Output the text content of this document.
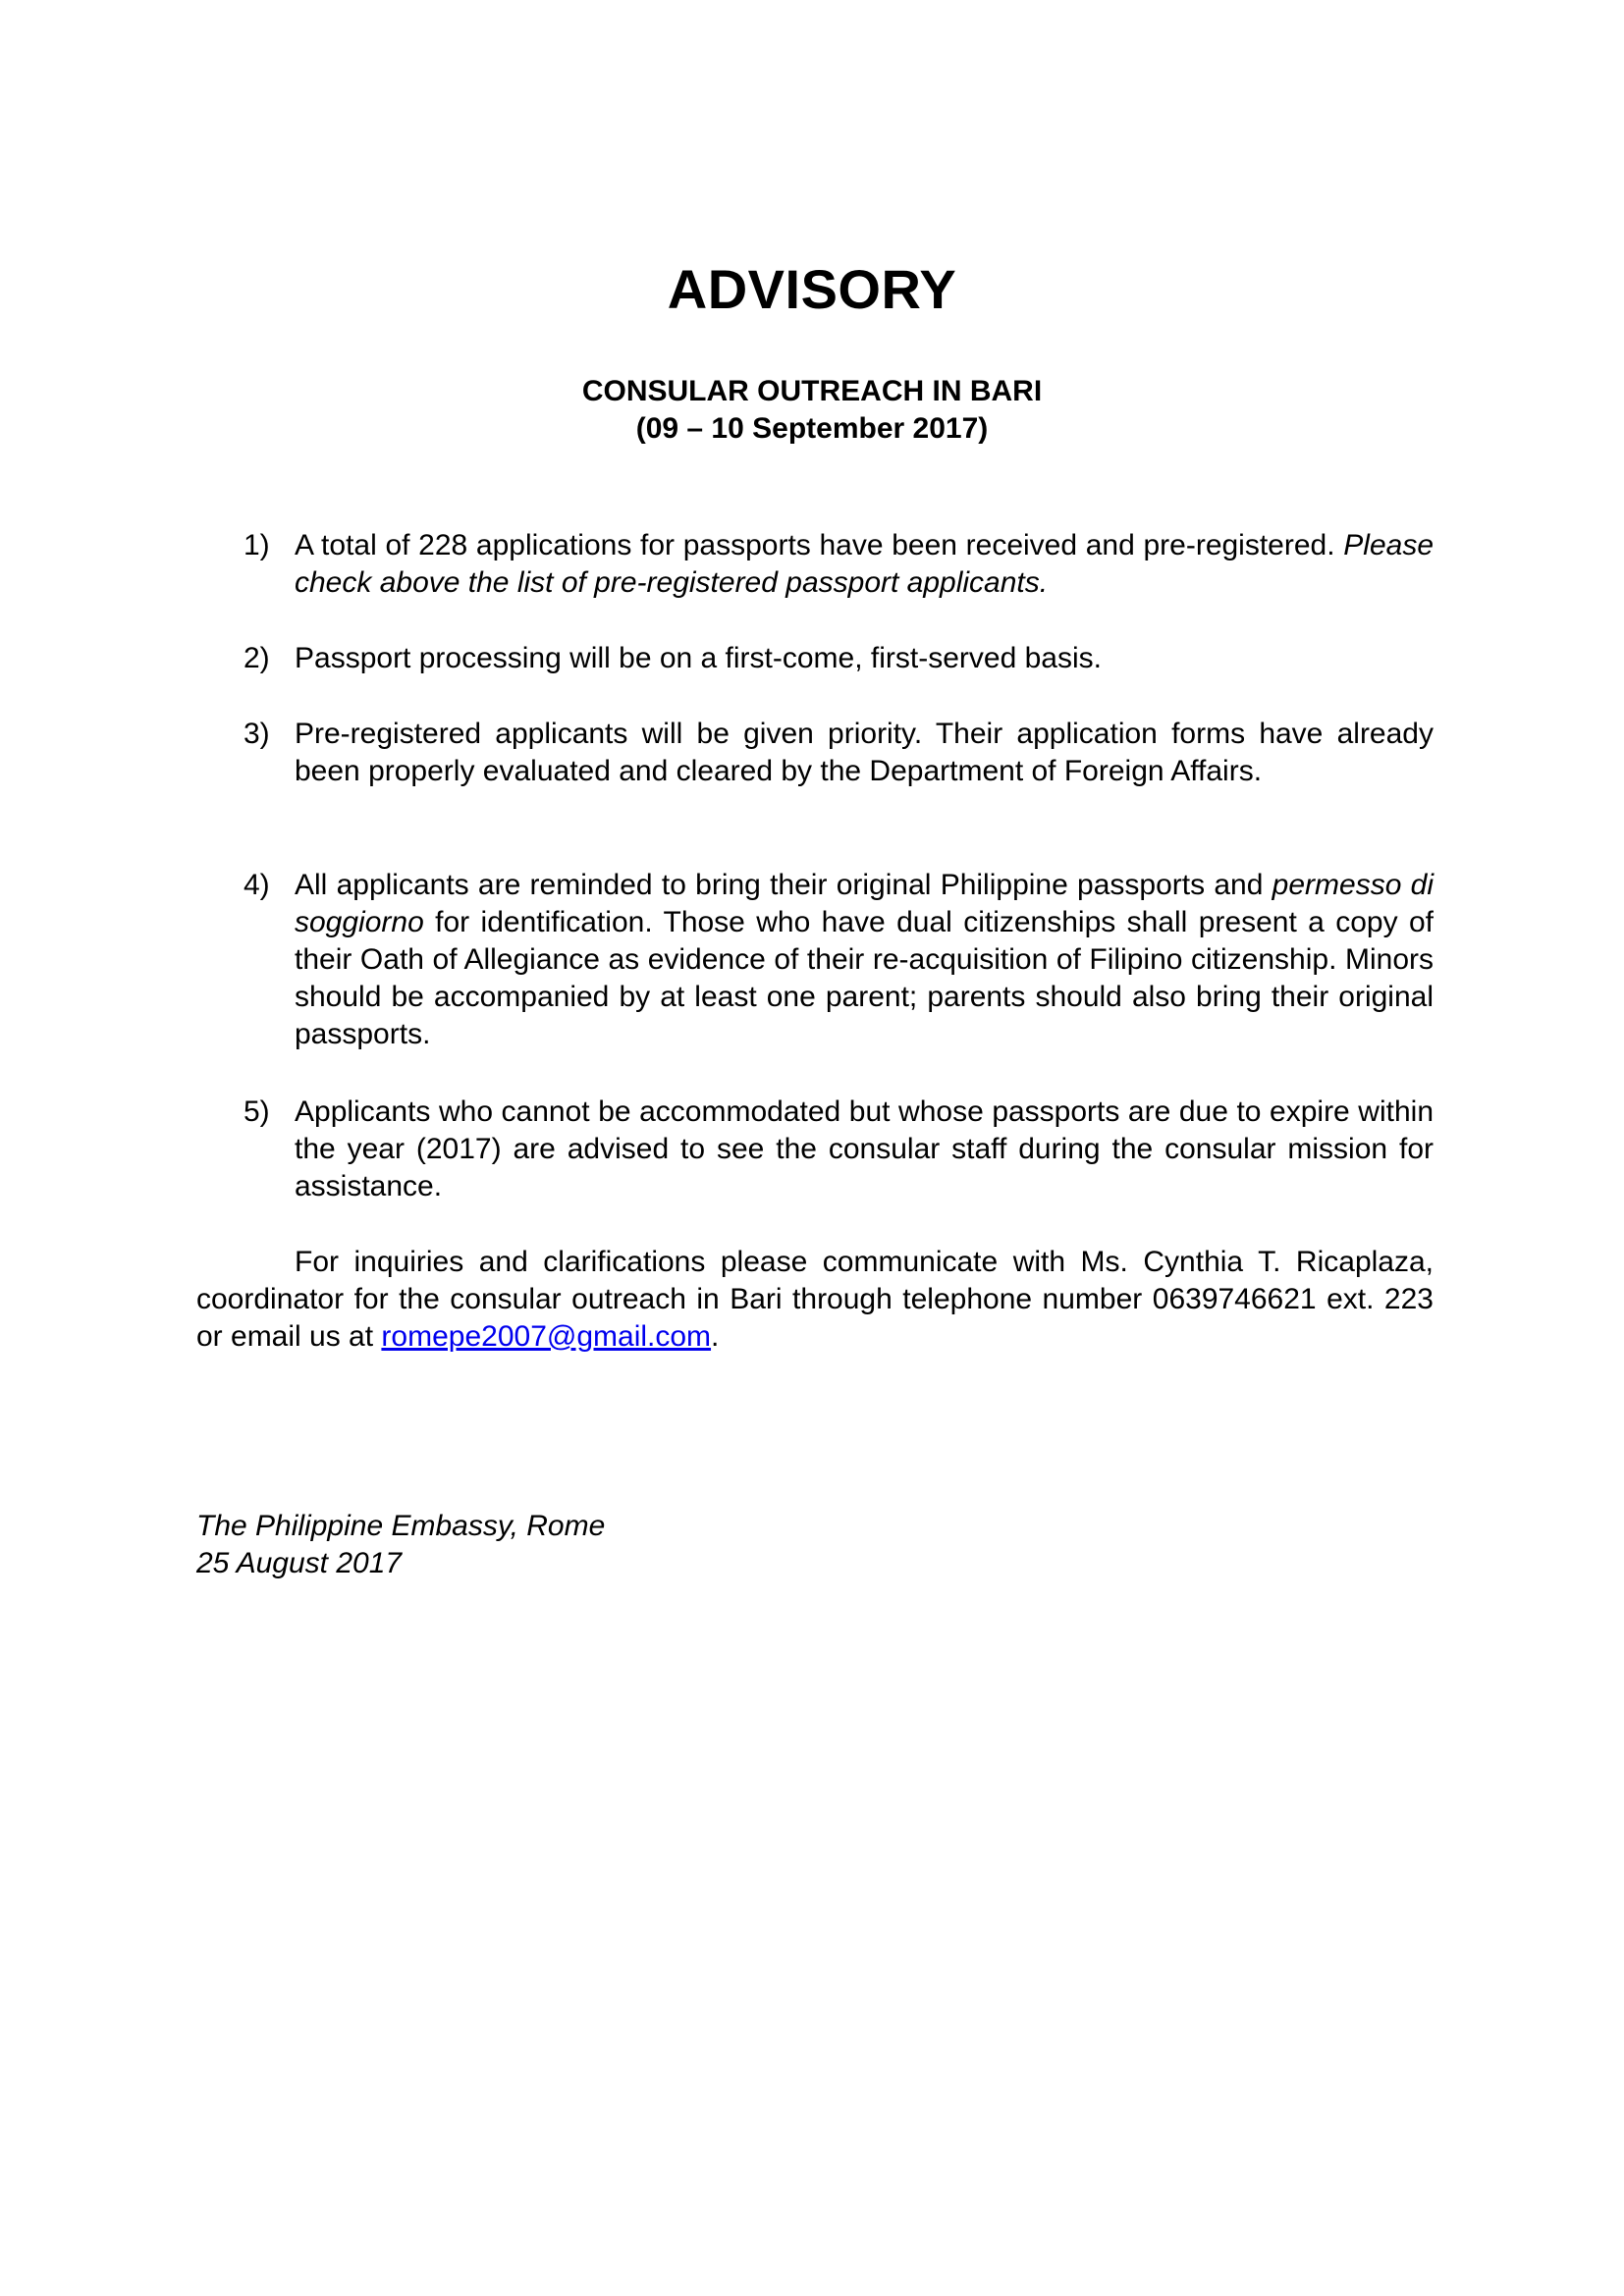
ADVISORY
CONSULAR OUTREACH IN BARI
(09 – 10 September 2017)
1) A total of 228 applications for passports have been received and pre-registered. Please check above the list of pre-registered passport applicants.
2) Passport processing will be on a first-come, first-served basis.
3) Pre-registered applicants will be given priority. Their application forms have already been properly evaluated and cleared by the Department of Foreign Affairs.
4) All applicants are reminded to bring their original Philippine passports and permesso di soggiorno for identification. Those who have dual citizenships shall present a copy of their Oath of Allegiance as evidence of their re-acquisition of Filipino citizenship. Minors should be accompanied by at least one parent; parents should also bring their original passports.
5) Applicants who cannot be accommodated but whose passports are due to expire within the year (2017) are advised to see the consular staff during the consular mission for assistance.
For inquiries and clarifications please communicate with Ms. Cynthia T. Ricaplaza, coordinator for the consular outreach in Bari through telephone number 0639746621 ext. 223 or email us at romepe2007@gmail.com.
The Philippine Embassy, Rome
25 August 2017
